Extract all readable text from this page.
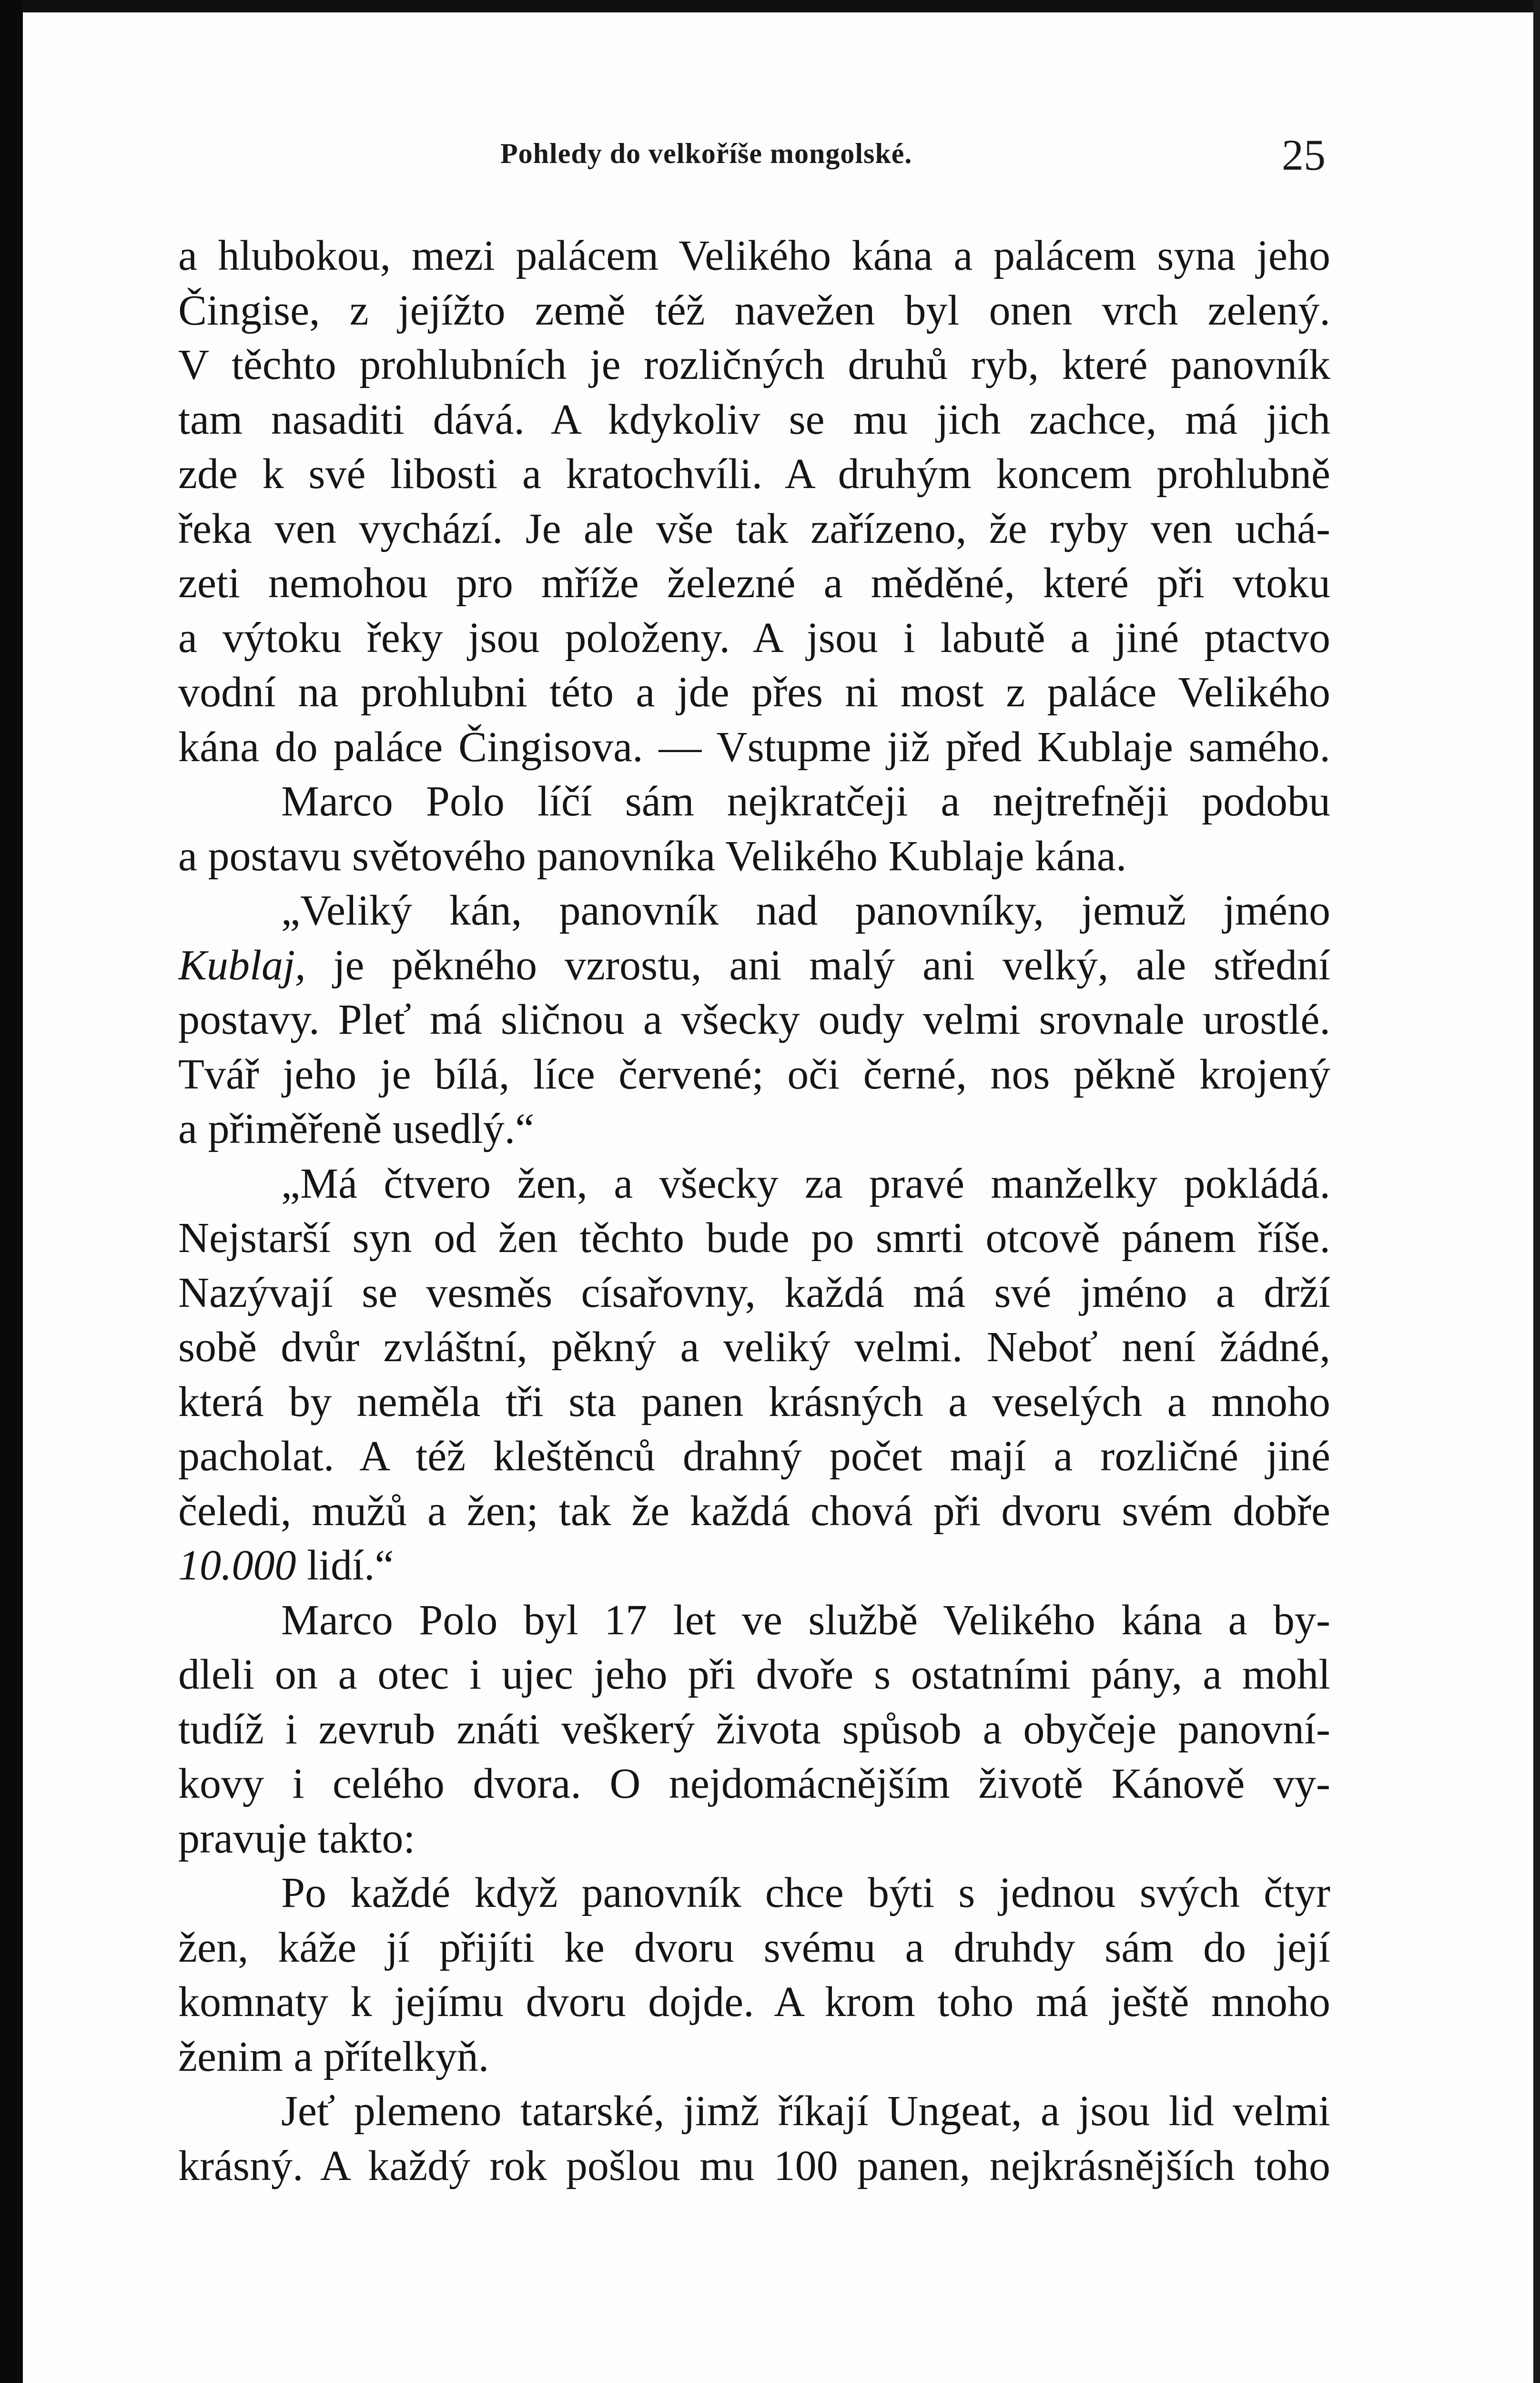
Pohledy do velkoříše mongolské.	25
a hlubokou, mezi palácem Velikého kána a palácem syna jeho
Čingise, z jejížto země též navežen byl onen vrch zelený.
V těchto prohlubních je rozličných druhů ryb, které panovník
tam nasaditi dává. A kdykoliv se mu jich zachce, má jich
zde k své libosti a kratochvíli. A druhým koncem prohlubně
řeka ven vychází. Je ale vše tak zařízeno, že ryby ven uchá-
zeti nemohou pro mříže železné a měděné, které při vtoku
a výtoku řeky jsou položeny. A jsou i labutě a jiné ptactvo
vodní na prohlubni této a jde přes ni most z paláce Velikého
kána do paláce Čingisova. — Vstupme již před Kublaje samého.
Marco Polo líčí sám nejkratčeji a nejtrefněji podobu
a postavu světového panovníka Velikého Kublaje kána.
„Veliký kán, panovník nad panovníky, jemuž jméno
Kublaj, je pěkného vzrostu, ani malý ani velký, ale střední
postavy. Pleť má sličnou a všecky oudy velmi srovnale urostlé.
Tvář jeho je bílá, líce červené; oči černé, nos pěkně krojený
a přiměřeně usedlý.“
„Má čtvero žen, a všecky za pravé manželky pokládá.
Nejstarší syn od žen těchto bude po smrti otcově pánem říše.
Nazývají se vesměs císařovny, každá má své jméno a drží
sobě dvůr zvláštní, pěkný a veliký velmi. Neboť není žádné,
která by neměla tři sta panen krásných a veselých a mnoho
pacholat. A též kleštěnců drahný počet mají a rozličné jiné
čeledi, mužů a žen; tak že každá chová při dvoru svém dobře
10.000 lidí.“
Marco Polo byl 17 let ve službě Velikého kána a by-
dleli on a otec i ujec jeho při dvoře s ostatními pány, a mohl
tudíž i zevrub znáti veškerý života spůsob a obyčeje panovní-
kovy i celého dvora. O nejdomácnějším životě Kánově vy-
pravuje takto:
Po každé když panovník chce býti s jednou svých čtyr
žen, káže jí přijíti ke dvoru svému a druhdy sám do její
komnaty k jejímu dvoru dojde. A krom toho má ještě mnoho
ženim a přítelkyň.
Jeť plemeno tatarské, jimž říkají Ungeat, a jsou lid velmi
krásný. A každý rok pošlou mu 100 panen, nejkrásnějších toho
